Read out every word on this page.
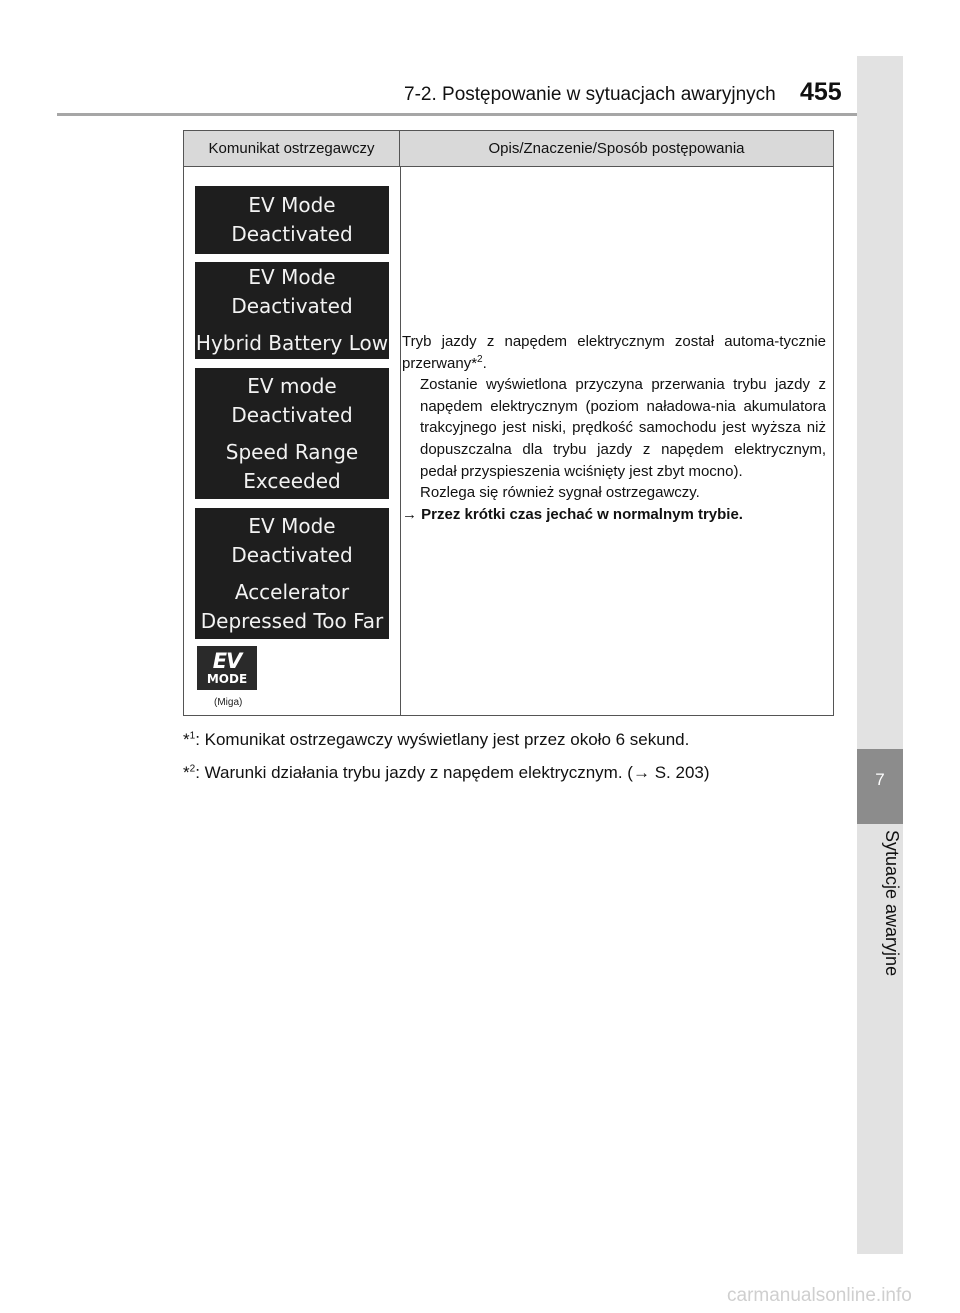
7-2. Postępowanie w sytuacjach awaryjnych 455
7
Sytuacje awaryjne
Komunikat ostrzegawczy	Opis/Znaczenie/Sposób postępowania
EV Mode
Deactivated
EV Mode
Deactivated
Hybrid Battery Low
EV mode
Deactivated
Speed Range
Exceeded
EV Mode
Deactivated
Accelerator
Depressed Too Far
EV
MODE
(Miga)
Tryb jazdy z napędem elektrycznym został automa-tycznie przerwany*$^2$.
Zostanie wyświetlona przyczyna przerwania trybu jazdy z napędem elektrycznym (poziom naładowa-nia akumulatora trakcyjnego jest niski, prędkość samochodu jest wyższa niż dopuszczalna dla trybu jazdy z napędem elektrycznym, pedał przyspieszenia wciśnięty jest zbyt mocno).
Rozlega się również sygnał ostrzegawczy.
→ Przez krótki czas jechać w normalnym trybie.
*$^1$: Komunikat ostrzegawczy wyświetlany jest przez około 6 sekund.
*$^2$: Warunki działania trybu jazdy z napędem elektrycznym. (→ S. 203)
carmanualsonline.info
